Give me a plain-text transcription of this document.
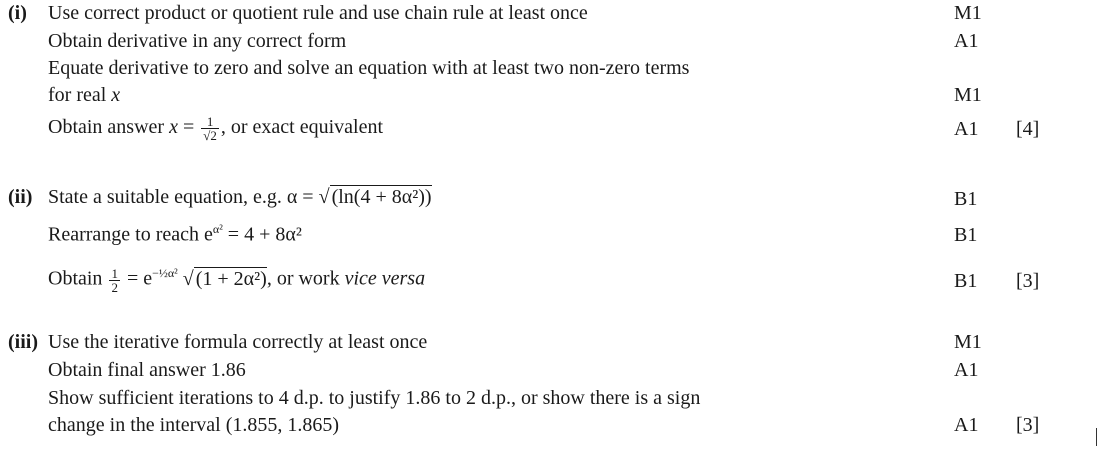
(i) Use correct product or quotient rule and use chain rule at least once	M1
Obtain derivative in any correct form	A1
Equate derivative to zero and solve an equation with at least two non-zero terms
for real x	M1
Obtain answer $x = \frac{1}{√2}$ , or exact equivalent	A1 [4]
(ii) State a suitable equation, e.g. α = √ (ln(4 + 8α²))	B1
Rearrange to reach $e^{\alpha^2} = 4 + 8\alpha^2$	B1
Obtain $\frac{1}{2} = e^{-\frac{1}{2}\alpha^2}$ √ (1 + 2α²), or work vice versa	B1 [3]
(iii) Use the iterative formula correctly at least once	M1
Obtain final answer 1.86	A1
Show sufficient iterations to 4 d.p. to justify 1.86 to 2 d.p., or show there is a sign
change in the interval (1.855, 1.865)	A1 [3]
